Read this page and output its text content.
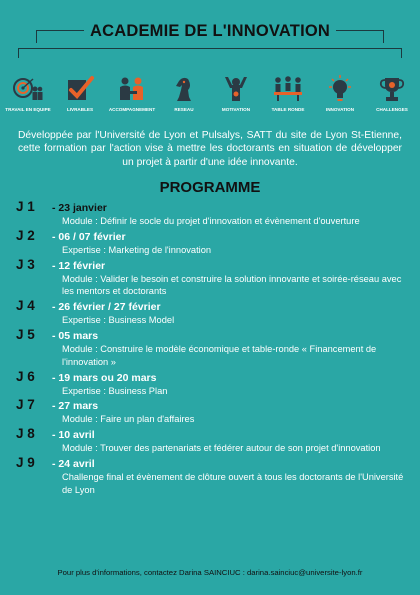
ACADEMIE DE L'INNOVATION
TRAVAIL EN EQUIPE	LIVRABLES	ACCOMPAGNEMENT	RESEAU	MOTIVATION	TABLE RONDE	INNOVATION	CHALLENGES

Développée par l'Université de Lyon et Pulsalys, SATT du site de Lyon St-Etienne, cette formation par l'action vise à mettre les doctorants en situation de développer un projet à partir d'une idée innovante.

PROGRAMME
J 1	- 23 janvier
Module : Définir le socle du projet d'innovation et évènement d'ouverture
J 2	- 06 / 07 février
Expertise : Marketing de l'innovation
J 3	- 12 février
Module : Valider le besoin et construire la solution innovante et soirée-réseau avec les mentors et doctorants
J 4	- 26 février / 27 février
Expertise : Business Model
J 5	- 05 mars
Module : Construire le modèle économique et table-ronde « Financement de l'innovation »
J 6	- 19 mars ou 20 mars
Expertise : Business Plan
J 7	- 27 mars
Module : Faire un plan d'affaires
J 8	- 10 avril
Module : Trouver des partenariats et fédérer autour de son projet d'innovation
J 9	- 24 avril
Challenge final et évènement de clôture ouvert à tous les doctorants de l'Université de Lyon
Pour plus d'informations, contactez Darina SAINCIUC : darina.sainciuc@universite-lyon.fr
